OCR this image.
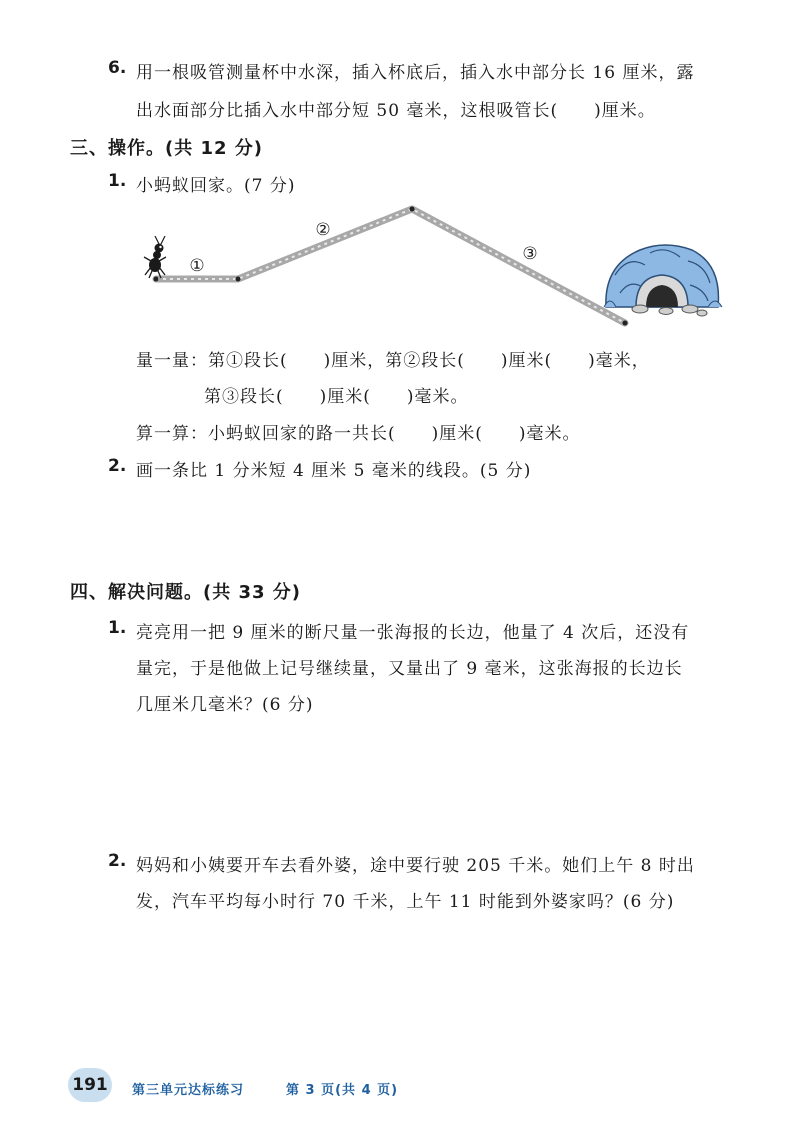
6. 用一根吸管测量杯中水深，插入杯底后，插入水中部分长 16 厘米，露
出水面部分比插入水中部分短 50 毫米，这根吸管长(　　)厘米。
三、操作。(共 12 分)
1. 小蚂蚁回家。(7 分)
①
②
③
量一量：第①段长(　　)厘米，第②段长(　　)厘米(　　)毫米，
第③段长(　　)厘米(　　)毫米。
算一算：小蚂蚁回家的路一共长(　　)厘米(　　)毫米。
2. 画一条比 1 分米短 4 厘米 5 毫米的线段。(5 分)
四、解决问题。(共 33 分)
1. 亮亮用一把 9 厘米的断尺量一张海报的长边，他量了 4 次后，还没有
量完，于是他做上记号继续量，又量出了 9 毫米，这张海报的长边长
几厘米几毫米？(6 分)
2. 妈妈和小姨要开车去看外婆，途中要行驶 205 千米。她们上午 8 时出
发，汽车平均每小时行 70 千米，上午 11 时能到外婆家吗？(6 分)
191	第三单元达标练习	第 3 页(共 4 页)
